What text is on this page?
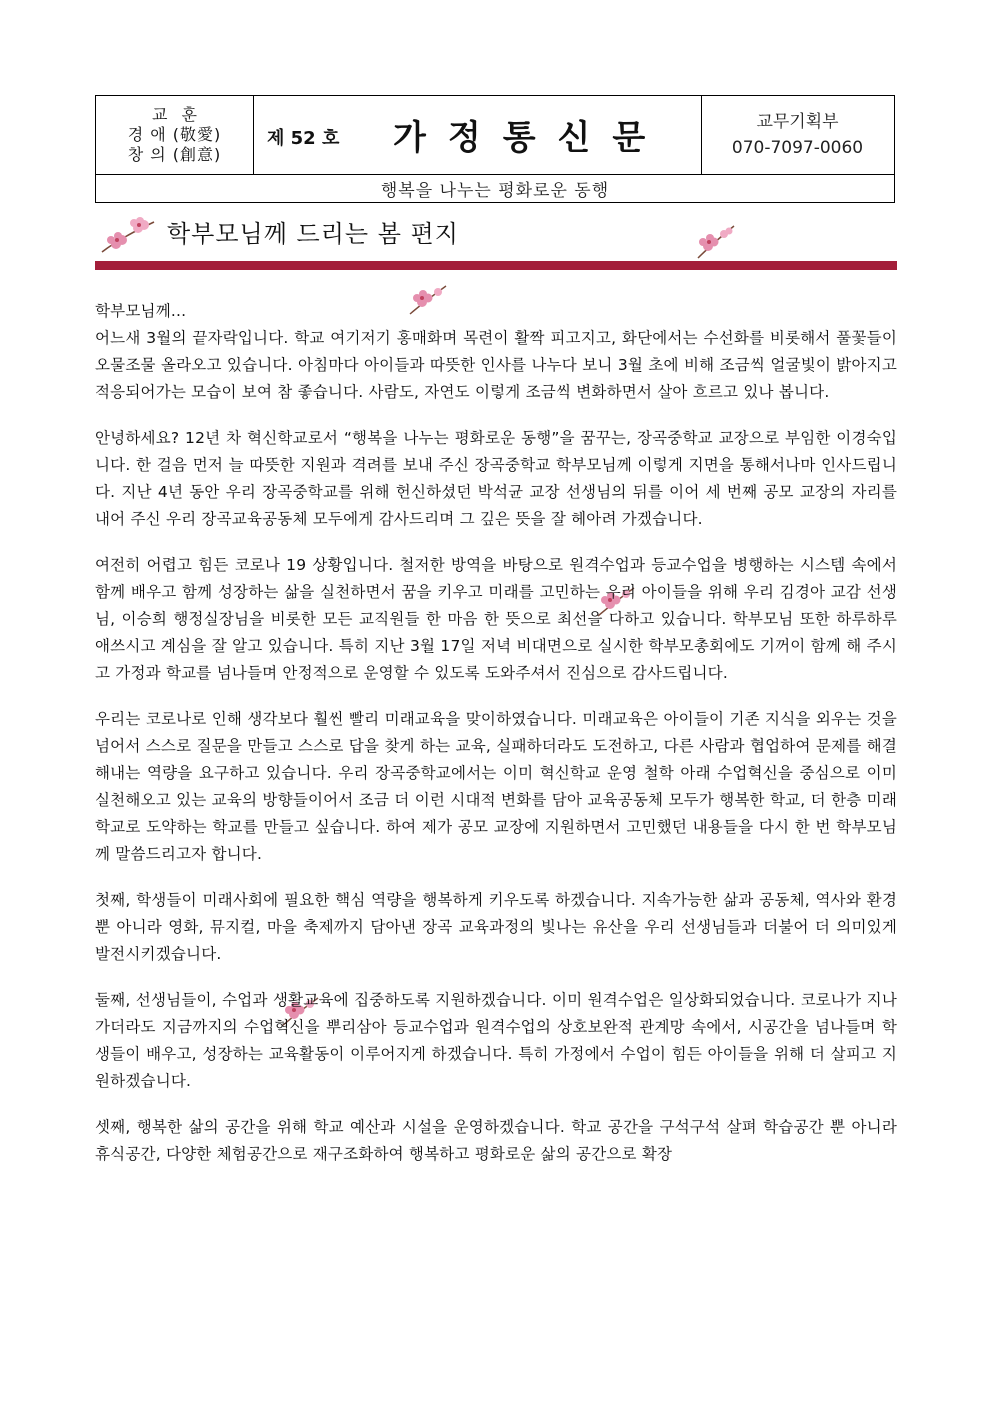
교훈
경 애 (敬愛)
창 의 (創意)
제 52 호 가정통신문	교무기획부
070-7097-0060
행복을 나누는 평화로운 동행
학부모님께 드리는 봄 편지

학부모님께...

어느새 3월의 끝자락입니다. 학교 여기저기 홍매화며 목련이 활짝 피고지고, 화단에서는 수선화를 비롯해서 풀꽃들이 오물조물 올라오고 있습니다. 아침마다 아이들과 따뜻한 인사를 나누다 보니 3월 초에 비해 조금씩 얼굴빛이 밝아지고 적응되어가는 모습이 보여 참 좋습니다. 사람도, 자연도 이렇게 조금씩 변화하면서 살아 흐르고 있나 봅니다.

안녕하세요? 12년 차 혁신학교로서 “행복을 나누는 평화로운 동행”을 꿈꾸는, 장곡중학교 교장으로 부임한 이경숙입니다. 한 걸음 먼저 늘 따뜻한 지원과 격려를 보내 주신 장곡중학교 학부모님께 이렇게 지면을 통해서나마 인사드립니다. 지난 4년 동안 우리 장곡중학교를 위해 헌신하셨던 박석균 교장 선생님의 뒤를 이어 세 번째 공모 교장의 자리를 내어 주신 우리 장곡교육공동체 모두에게 감사드리며 그 깊은 뜻을 잘 헤아려 가겠습니다.

여전히 어렵고 힘든 코로나 19 상황입니다. 철저한 방역을 바탕으로 원격수업과 등교수업을 병행하는 시스템 속에서 함께 배우고 함께 성장하는 삶을 실천하면서 꿈을 키우고 미래를 고민하는 우리 아이들을 위해 우리 김경아 교감 선생님, 이승희 행정실장님을 비롯한 모든 교직원들 한 마음 한 뜻으로 최선을 다하고 있습니다. 학부모님 또한 하루하루 애쓰시고 계심을 잘 알고 있습니다. 특히 지난 3월 17일 저녁 비대면으로 실시한 학부모총회에도 기꺼이 함께 해 주시고 가정과 학교를 넘나들며 안정적으로 운영할 수 있도록 도와주셔서 진심으로 감사드립니다.

우리는 코로나로 인해 생각보다 훨씬 빨리 미래교육을 맞이하였습니다. 미래교육은 아이들이 기존 지식을 외우는 것을 넘어서 스스로 질문을 만들고 스스로 답을 찾게 하는 교육, 실패하더라도 도전하고, 다른 사람과 협업하여 문제를 해결해내는 역량을 요구하고 있습니다. 우리 장곡중학교에서는 이미 혁신학교 운영 철학 아래 수업혁신을 중심으로 이미 실천해오고 있는 교육의 방향들이어서 조금 더 이런 시대적 변화를 담아 교육공동체 모두가 행복한 학교, 더 한층 미래학교로 도약하는 학교를 만들고 싶습니다. 하여 제가 공모 교장에 지원하면서 고민했던 내용들을 다시 한 번 학부모님께 말씀드리고자 합니다.

첫째, 학생들이 미래사회에 필요한 핵심 역량을 행복하게 키우도록 하겠습니다. 지속가능한 삶과 공동체, 역사와 환경뿐 아니라 영화, 뮤지컬, 마을 축제까지 담아낸 장곡 교육과정의 빛나는 유산을 우리 선생님들과 더불어 더 의미있게 발전시키겠습니다.

둘째, 선생님들이, 수업과 생활교육에 집중하도록 지원하겠습니다. 이미 원격수업은 일상화되었습니다. 코로나가 지나가더라도 지금까지의 수업혁신을 뿌리삼아 등교수업과 원격수업의 상호보완적 관계망 속에서, 시공간을 넘나들며 학생들이 배우고, 성장하는 교육활동이 이루어지게 하겠습니다. 특히 가정에서 수업이 힘든 아이들을 위해 더 살피고 지원하겠습니다.

셋째, 행복한 삶의 공간을 위해 학교 예산과 시설을 운영하겠습니다. 학교 공간을 구석구석 살펴 학습공간 뿐 아니라 휴식공간, 다양한 체험공간으로 재구조화하여 행복하고 평화로운 삶의 공간으로 확장
